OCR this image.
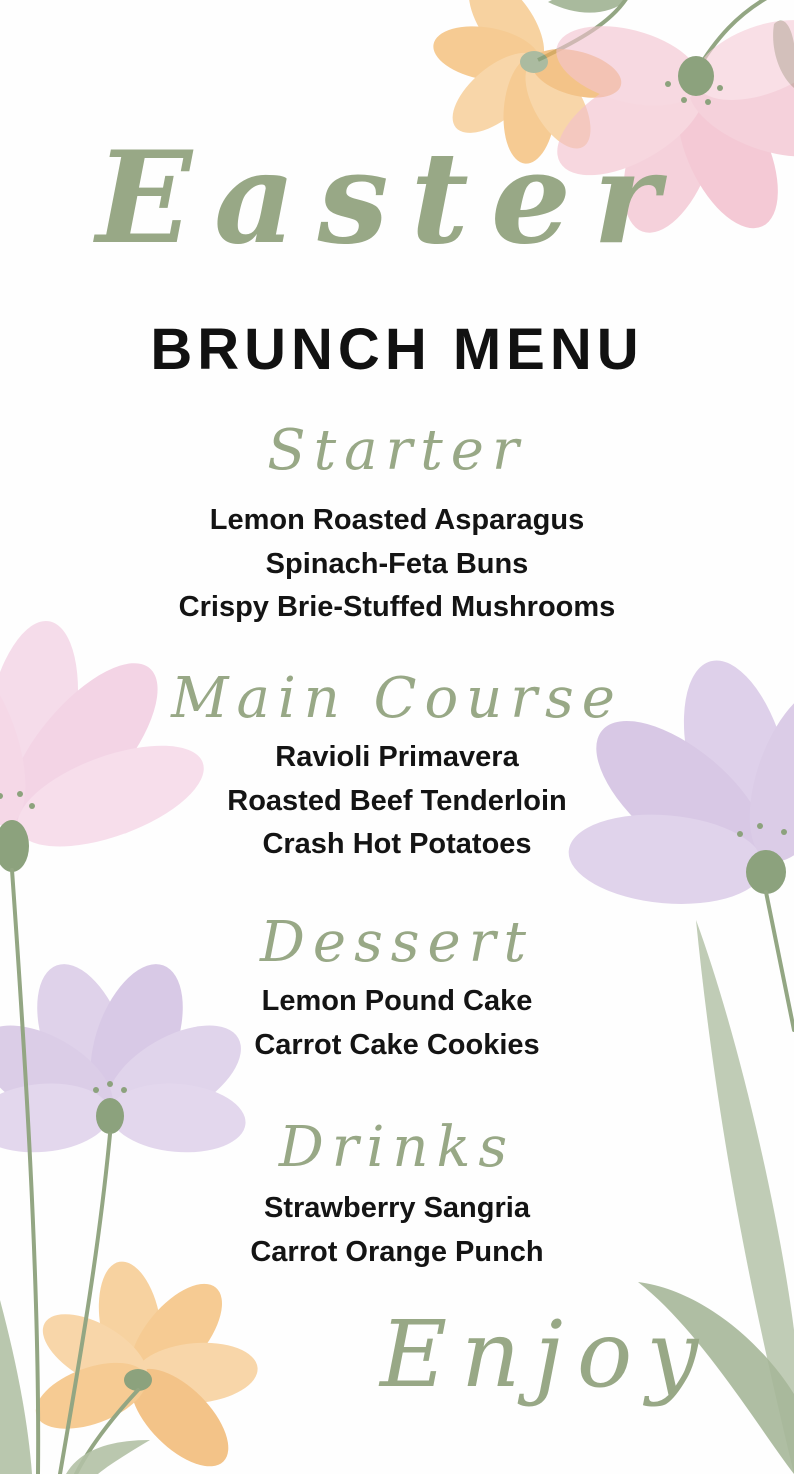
Easter
BRUNCH MENU
Starter
Lemon Roasted Asparagus
Spinach-Feta Buns
Crispy Brie-Stuffed Mushrooms
Main Course
Ravioli Primavera
Roasted Beef Tenderloin
Crash Hot Potatoes
Dessert
Lemon Pound Cake
Carrot Cake Cookies
Drinks
Strawberry Sangria
Carrot Orange Punch

Enjoy
